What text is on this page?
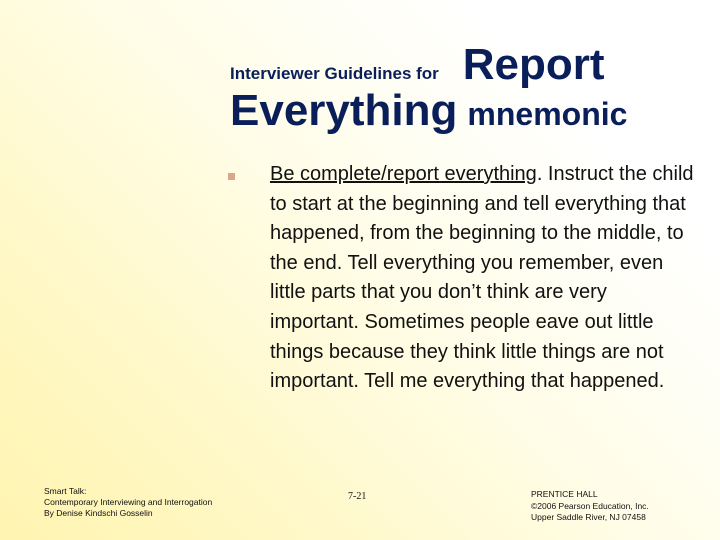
Interviewer Guidelines for Report
Everything mnemonic
Be complete/report everything. Instruct the child to start at the beginning and tell everything that happened, from the beginning to the middle, to the end. Tell everything you remember, even little parts that you don’t think are very important. Sometimes people eave out little things because they think little things are not important. Tell me everything that happened.
Smart Talk:
Contemporary Interviewing and Interrogation
By Denise Kindschi Gosselin
7-21	PRENTICE HALL
©2006 Pearson Education, Inc.
Upper Saddle River, NJ 07458
